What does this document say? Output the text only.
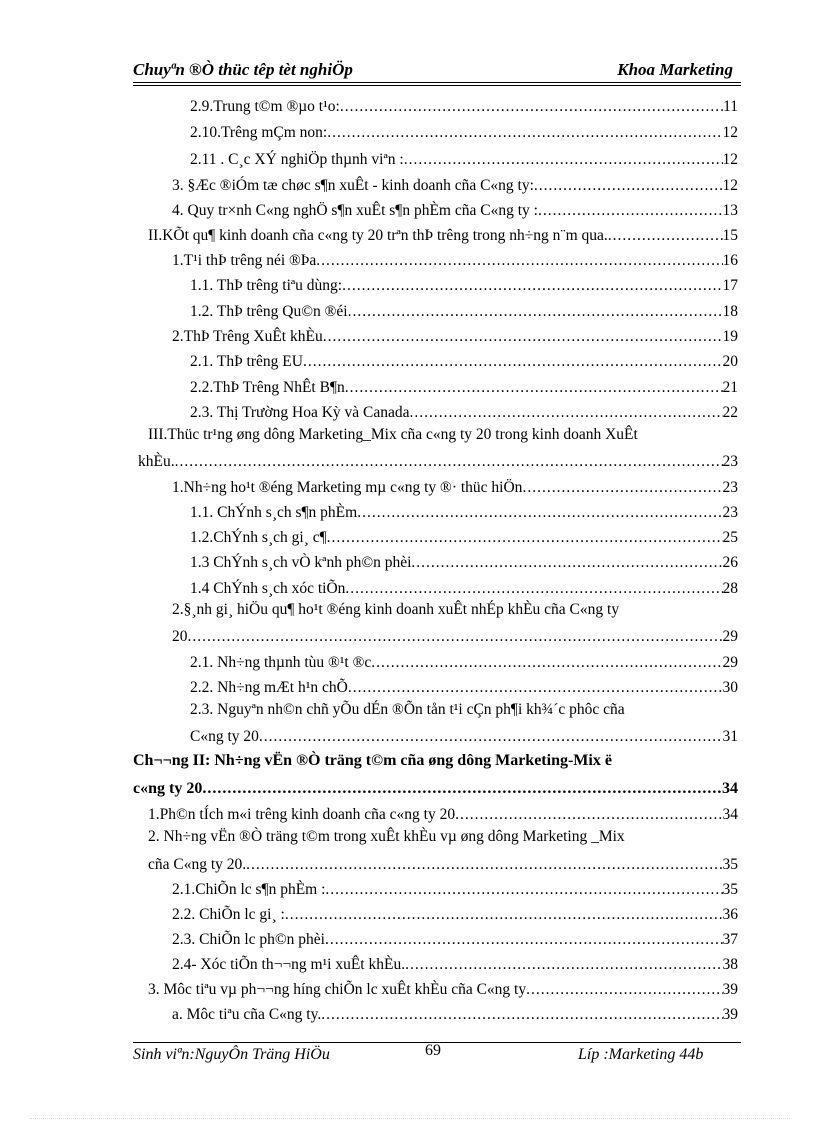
Chuyªn ®Ò thüc têp tèt nghiÖp	Khoa Marketing
2.9.Trung t©m ®µo t¹o: .....	11
2.10.Trêng mÇm non: .....	12
2.11 . C¸c XÝ nghiÖp thµnh viªn : .....	12
3. §Æc ®iÓm tæ chøc s¶n xuÊt - kinh doanh cña C«ng ty: .....	12
4. Quy tr×nh C«ng nghÖ s¶n xuÊt s¶n phÈm cña C«ng ty : .....	13
II.KÕt qu¶ kinh doanh cña c«ng ty 20 trªn thÞ trêng trong nh÷ng n¨m qua. .....	15
1.T¹i thÞ trêng néi ®Þa .....	16
1.1. ThÞ trêng tiªu dùng: .....	17
1.2. ThÞ trêng Qu©n ®éi .....	18
2.ThÞ Trêng XuÊt khÈu .....	19
2.1. ThÞ trêng EU .....	20
2.2.ThÞ Trêng NhÊt B¶n .....	21
2.3. Thị Trường Hoa Kỳ và Canada .....	22
III.Thüc tr¹ng øng dông Marketing_Mix cña c«ng ty 20 trong kinh doanh XuÊt
khÈu. .....	23
1.Nh÷ng ho¹t ®éng Marketing mµ c«ng ty ®· thüc hiÖn .....	23
1.1. ChÝnh s¸ch s¶n phÈm .....	23
1.2.ChÝnh s¸ch gi¸ c¶ .....	25
1.3 ChÝnh s¸ch vÒ kªnh ph©n phèi .....	26
1.4 ChÝnh s¸ch xóc tiÕn .....	28
2.§¸nh gi¸ hiÖu qu¶ ho¹t ®éng kinh doanh xuÊt nhÉp khÈu cña C«ng ty
20 .....	29
2.1. Nh÷ng thµnh tùu ®¹t ®c .....	29
2.2. Nh÷ng mÆt h¹n chÕ .....	30
2.3. Nguyªn nh©n chñ yÕu dÉn ®Õn tån t¹i cÇn ph¶i kh¾´c phôc cña
C«ng ty 20 .....	31
Ch¬¬ng II: Nh÷ng vËn ®Ò träng t©m cña øng dông Marketing-Mix ë
c«ng ty 20 .....	34
1.Ph©n tÍch m«i trêng kinh doanh cña c«ng ty 20 .....	34
2. Nh÷ng vËn ®Ò träng t©m trong xuÊt khÈu vµ øng dông Marketing _Mix
cña C«ng ty 20. .....	35
2.1.ChiÕn lc s¶n phÈm : .....	35
2.2. ChiÕn lc gi¸ : .....	36
2.3. ChiÕn lc ph©n phèi .....	37
2.4- Xóc tiÕn th¬¬ng m¹i xuÊt khÈu. .....	38
3. Môc tiªu vµ ph¬¬ng híng chiÕn lc xuÊt khÈu cña C«ng ty .....	39
a. Môc tiªu cña C«ng ty. .....	39
Sinh viªn:NguyÔn Träng HiÖu	69	Líp :Marketing 44b
